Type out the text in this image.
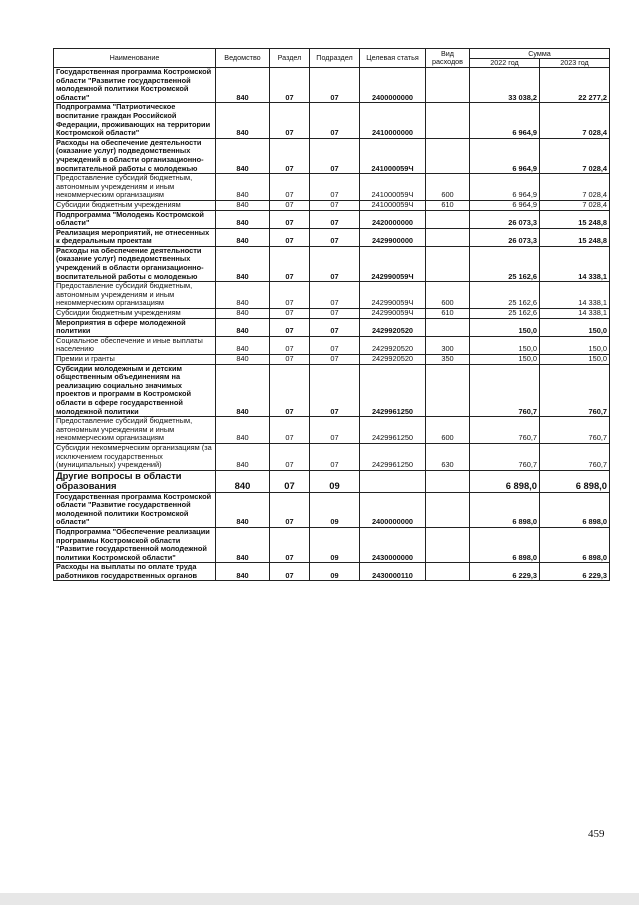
Наименование	Ведомство	Раздел	Подраздел	Целевая статья	Вид расходов	Сумма	
						2022 год	2023 год
Государственная программа Костромской области "Развитие государственной молодежной политики Костромской области"	840	07	07	2400000000		33 038,2	22 277,2
Подпрограмма "Патриотическое воспитание граждан Российской Федерации, проживающих на территории Костромской области"	840	07	07	2410000000		6 964,9	7 028,4
Расходы на обеспечение деятельности (оказание услуг) подведомственных учреждений в области организационно-воспитательной работы с молодежью	840	07	07	241000059Ч		6 964,9	7 028,4
Предоставление субсидий бюджетным, автономным учреждениям и иным некоммерческим организациям	840	07	07	241000059Ч	600	6 964,9	7 028,4
Субсидии бюджетным учреждениям	840	07	07	241000059Ч	610	6 964,9	7 028,4
Подпрограмма "Молодежь Костромской области"	840	07	07	2420000000		26 073,3	15 248,8
Реализация мероприятий, не отнесенных к федеральным проектам	840	07	07	2429900000		26 073,3	15 248,8
Расходы на обеспечение деятельности (оказание услуг) подведомственных учреждений в области организационно-воспитательной работы с молодежью	840	07	07	242990059Ч		25 162,6	14 338,1
Предоставление субсидий бюджетным, автономным учреждениям и иным некоммерческим организациям	840	07	07	242990059Ч	600	25 162,6	14 338,1
Субсидии бюджетным учреждениям	840	07	07	242990059Ч	610	25 162,6	14 338,1
Мероприятия в сфере молодежной политики	840	07	07	2429920520		150,0	150,0
Социальное обеспечение и иные выплаты населению	840	07	07	2429920520	300	150,0	150,0
Премии и гранты	840	07	07	2429920520	350	150,0	150,0
Субсидии молодежным и детским общественным объединениям на реализацию социально значимых проектов и программ в Костромской области в сфере государственной молодежной политики	840	07	07	2429961250		760,7	760,7
Предоставление субсидий бюджетным, автономным учреждениям и иным некоммерческим организациям	840	07	07	2429961250	600	760,7	760,7
Субсидии некоммерческим организациям (за исключением государственных (муниципальных) учреждений)	840	07	07	2429961250	630	760,7	760,7
Другие вопросы в области образования	840	07	09			6 898,0	6 898,0
Государственная программа Костромской области "Развитие государственной молодежной политики Костромской области"	840	07	09	2400000000		6 898,0	6 898,0
Подпрограмма "Обеспечение реализации программы Костромской области "Развитие государственной молодежной политики Костромской области"	840	07	09	2430000000		6 898,0	6 898,0
Расходы на выплаты по оплате труда работников государственных органов	840	07	09	2430000110		6 229,3	6 229,3
459
